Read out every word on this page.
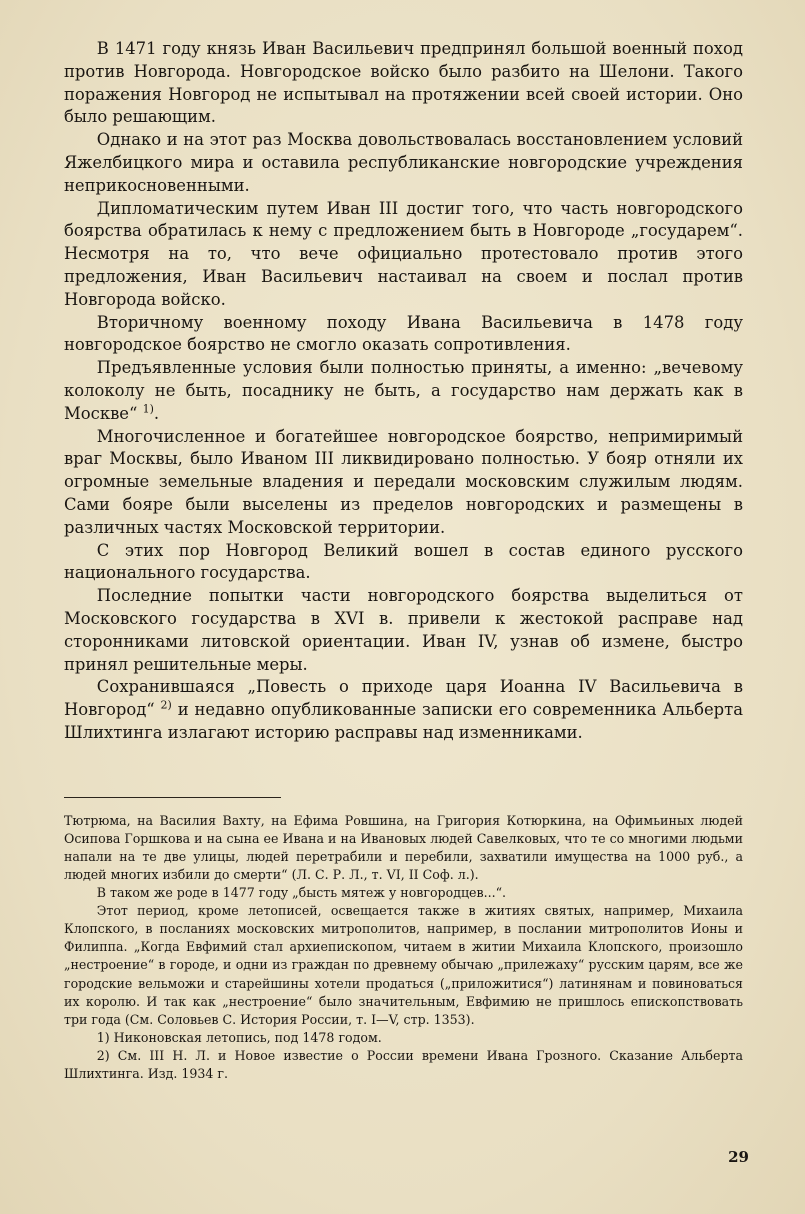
В 1471 году князь Иван Васильевич предпринял большой военный поход против Новгорода. Новгородское войско было разбито на Шелони. Такого поражения Новгород не испытывал на протяжении всей своей истории. Оно было решающим.

Однако и на этот раз Москва довольствовалась восстановлением условий Яжелбицкого мира и оставила республиканские новгородские учреждения неприкосновенными.

Дипломатическим путем Иван III достиг того, что часть новгородского боярства обратилась к нему с предложением быть в Новгороде „государем“. Несмотря на то, что вече официально протестовало против этого предложения, Иван Васильевич настаивал на своем и послал против Новгорода войско.

Вторичному военному походу Ивана Васильевича в 1478 году новгородское боярство не смогло оказать сопротивления.

Предъявленные условия были полностью приняты, а именно: „вечевому колоколу не быть, посаднику не быть, а государство нам держать как в Москве“ $^{1)}$.

Многочисленное и богатейшее новгородское боярство, непримиримый враг Москвы, было Иваном III ликвидировано полностью. У бояр отняли их огромные земельные владения и передали московским служилым людям. Сами бояре были выселены из пределов новгородских и размещены в различных частях Московской территории.

С этих пор Новгород Великий вошел в состав единого русского национального государства.

Последние попытки части новгородского боярства выделиться от Московского государства в XVI в. привели к жестокой расправе над сторонниками литовской ориентации. Иван IV, узнав об измене, быстро принял решительные меры.

Сохранившаяся „Повесть о приходе царя Иоанна IV Васильевича в Новгород“ $^{2)}$ и недавно опубликованные записки его современника Альберта Шлихтинга излагают историю расправы над изменниками.

Тютрюма, на Василия Вахту, на Ефима Ровшина, на Григория Котюркина, на Офимьиных людей Осипова Горшкова и на сына ее Ивана и на Ивановых людей Савелковых, что те со многими людьми напали на те две улицы, людей перетрабили и перебили, захватили имущества на 1000 руб., а людей многих избили до смерти“ (Л. С. Р. Л., т. VI, II Соф. л.).

В таком же роде в 1477 году „бысть мятеж у новгородцев...“.

Этот период, кроме летописей, освещается также в житиях святых, например, Михаила Клопского, в посланиях московских митрополитов, например, в послании митрополитов Ионы и Филиппа. „Когда Евфимий стал архиепископом, читаем в житии Михаила Клопского, произошло „нестроение“ в городе, и одни из граждан по древнему обычаю „прилежаху“ русским царям, все же городские вельможи и старейшины хотели продаться („приложитися“) латинянам и повиноваться их королю. И так как „нестроение“ было значительным, Евфимию не пришлось епископствовать три года (См. Соловьев С. История России, т. I—V, стр. 1353).

1) Никоновская летопись, под 1478 годом.

2) См. III Н. Л. и Новое известие о России времени Ивана Грозного. Сказание Альберта Шлихтинга. Изд. 1934 г.

29
